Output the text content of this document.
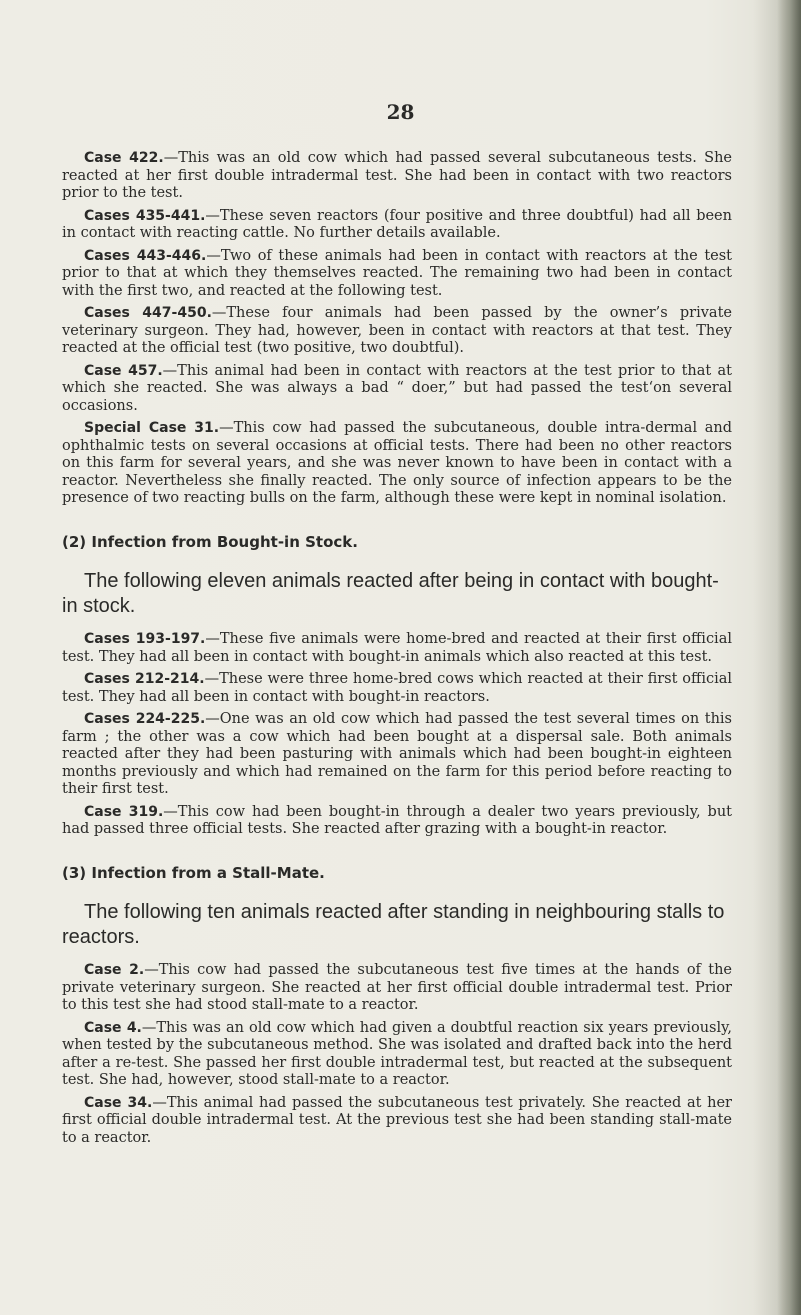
28

Case 422.—This was an old cow which had passed several subcutaneous tests. She reacted at her first double intradermal test. She had been in contact with two reactors prior to the test.

Cases 435-441.—These seven reactors (four positive and three doubtful) had all been in contact with reacting cattle. No further details available.

Cases 443-446.—Two of these animals had been in contact with reactors at the test prior to that at which they themselves reacted. The remaining two had been in contact with the first two, and reacted at the following test.

Cases 447-450.—These four animals had been passed by the owner’s private veterinary surgeon. They had, however, been in contact with reactors at that test. They reacted at the official test (two positive, two doubtful).

Case 457.—This animal had been in contact with reactors at the test prior to that at which she reacted. She was always a bad “ doer,” but had passed the test‘on several occasions.

Special Case 31.—This cow had passed the subcutaneous, double intra-dermal and ophthalmic tests on several occasions at official tests. There had been no other reactors on this farm for several years, and she was never known to have been in contact with a reactor. Nevertheless she finally reacted. The only source of infection appears to be the presence of two reacting bulls on the farm, although these were kept in nominal isolation.

(2) Infection from Bought-in Stock.

The following eleven animals reacted after being in contact with bought-in stock.

Cases 193-197.—These five animals were home-bred and reacted at their first official test. They had all been in contact with bought-in animals which also reacted at this test.

Cases 212-214.—These were three home-bred cows which reacted at their first official test. They had all been in contact with bought-in reactors.

Cases 224-225.—One was an old cow which had passed the test several times on this farm ; the other was a cow which had been bought at a dispersal sale. Both animals reacted after they had been pasturing with animals which had been bought-in eighteen months previously and which had remained on the farm for this period before reacting to their first test.

Case 319.—This cow had been bought-in through a dealer two years previously, but had passed three official tests. She reacted after grazing with a bought-in reactor.

(3) Infection from a Stall-Mate.

The following ten animals reacted after standing in neighbouring stalls to reactors.

Case 2.—This cow had passed the subcutaneous test five times at the hands of the private veterinary surgeon. She reacted at her first official double intradermal test. Prior to this test she had stood stall-mate to a reactor.

Case 4.—This was an old cow which had given a doubtful reaction six years previously, when tested by the subcutaneous method. She was isolated and drafted back into the herd after a re-test. She passed her first double intradermal test, but reacted at the subsequent test. She had, however, stood stall-mate to a reactor.

Case 34.—This animal had passed the subcutaneous test privately. She reacted at her first official double intradermal test. At the previous test she had been standing stall-mate to a reactor.
